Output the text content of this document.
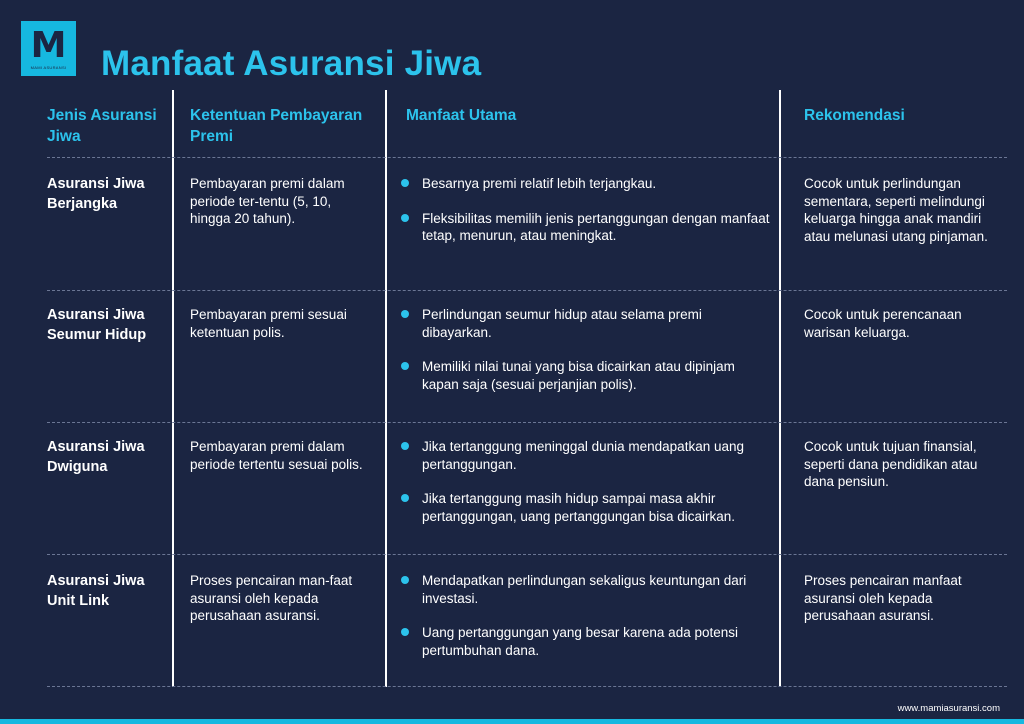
M
MAMI ASURANSI Manfaat Asuransi Jiwa
Jenis Asuransi Jiwa
Ketentuan Pembayaran Premi
Manfaat Utama	Rekomendasi
Asuransi Jiwa Berjangka
Pembayaran premi dalam periode ter-tentu (5, 10, hingga 20 tahun).
Besarnya premi relatif lebih terjangkau.
Fleksibilitas memilih jenis pertanggungan dengan manfaat tetap, menurun, atau meningkat.
Cocok untuk perlindungan sementara, seperti melindungi keluarga hingga anak mandiri atau melunasi utang pinjaman.
Asuransi Jiwa Seumur Hidup
Pembayaran premi sesuai ketentuan polis.
Perlindungan seumur hidup atau selama premi dibayarkan.
Memiliki nilai tunai yang bisa dicairkan atau dipinjam kapan saja (sesuai perjanjian polis).
Cocok untuk perencanaan warisan keluarga.
Asuransi Jiwa Dwiguna
Pembayaran premi dalam periode tertentu sesuai polis.
Jika tertanggung meninggal dunia mendapatkan uang pertanggungan.
Jika tertanggung masih hidup sampai masa akhir pertanggungan, uang pertanggungan bisa dicairkan.
Cocok untuk tujuan finansial, seperti dana pendidikan atau dana pensiun.
Asuransi Jiwa Unit Link
Proses pencairan man-faat asuransi oleh kepada perusahaan asuransi.
Mendapatkan perlindungan sekaligus keuntungan dari investasi.
Uang pertanggungan yang besar karena ada potensi pertumbuhan dana.
Proses pencairan manfaat asuransi oleh kepada perusahaan asuransi.
www.mamiasuransi.com
